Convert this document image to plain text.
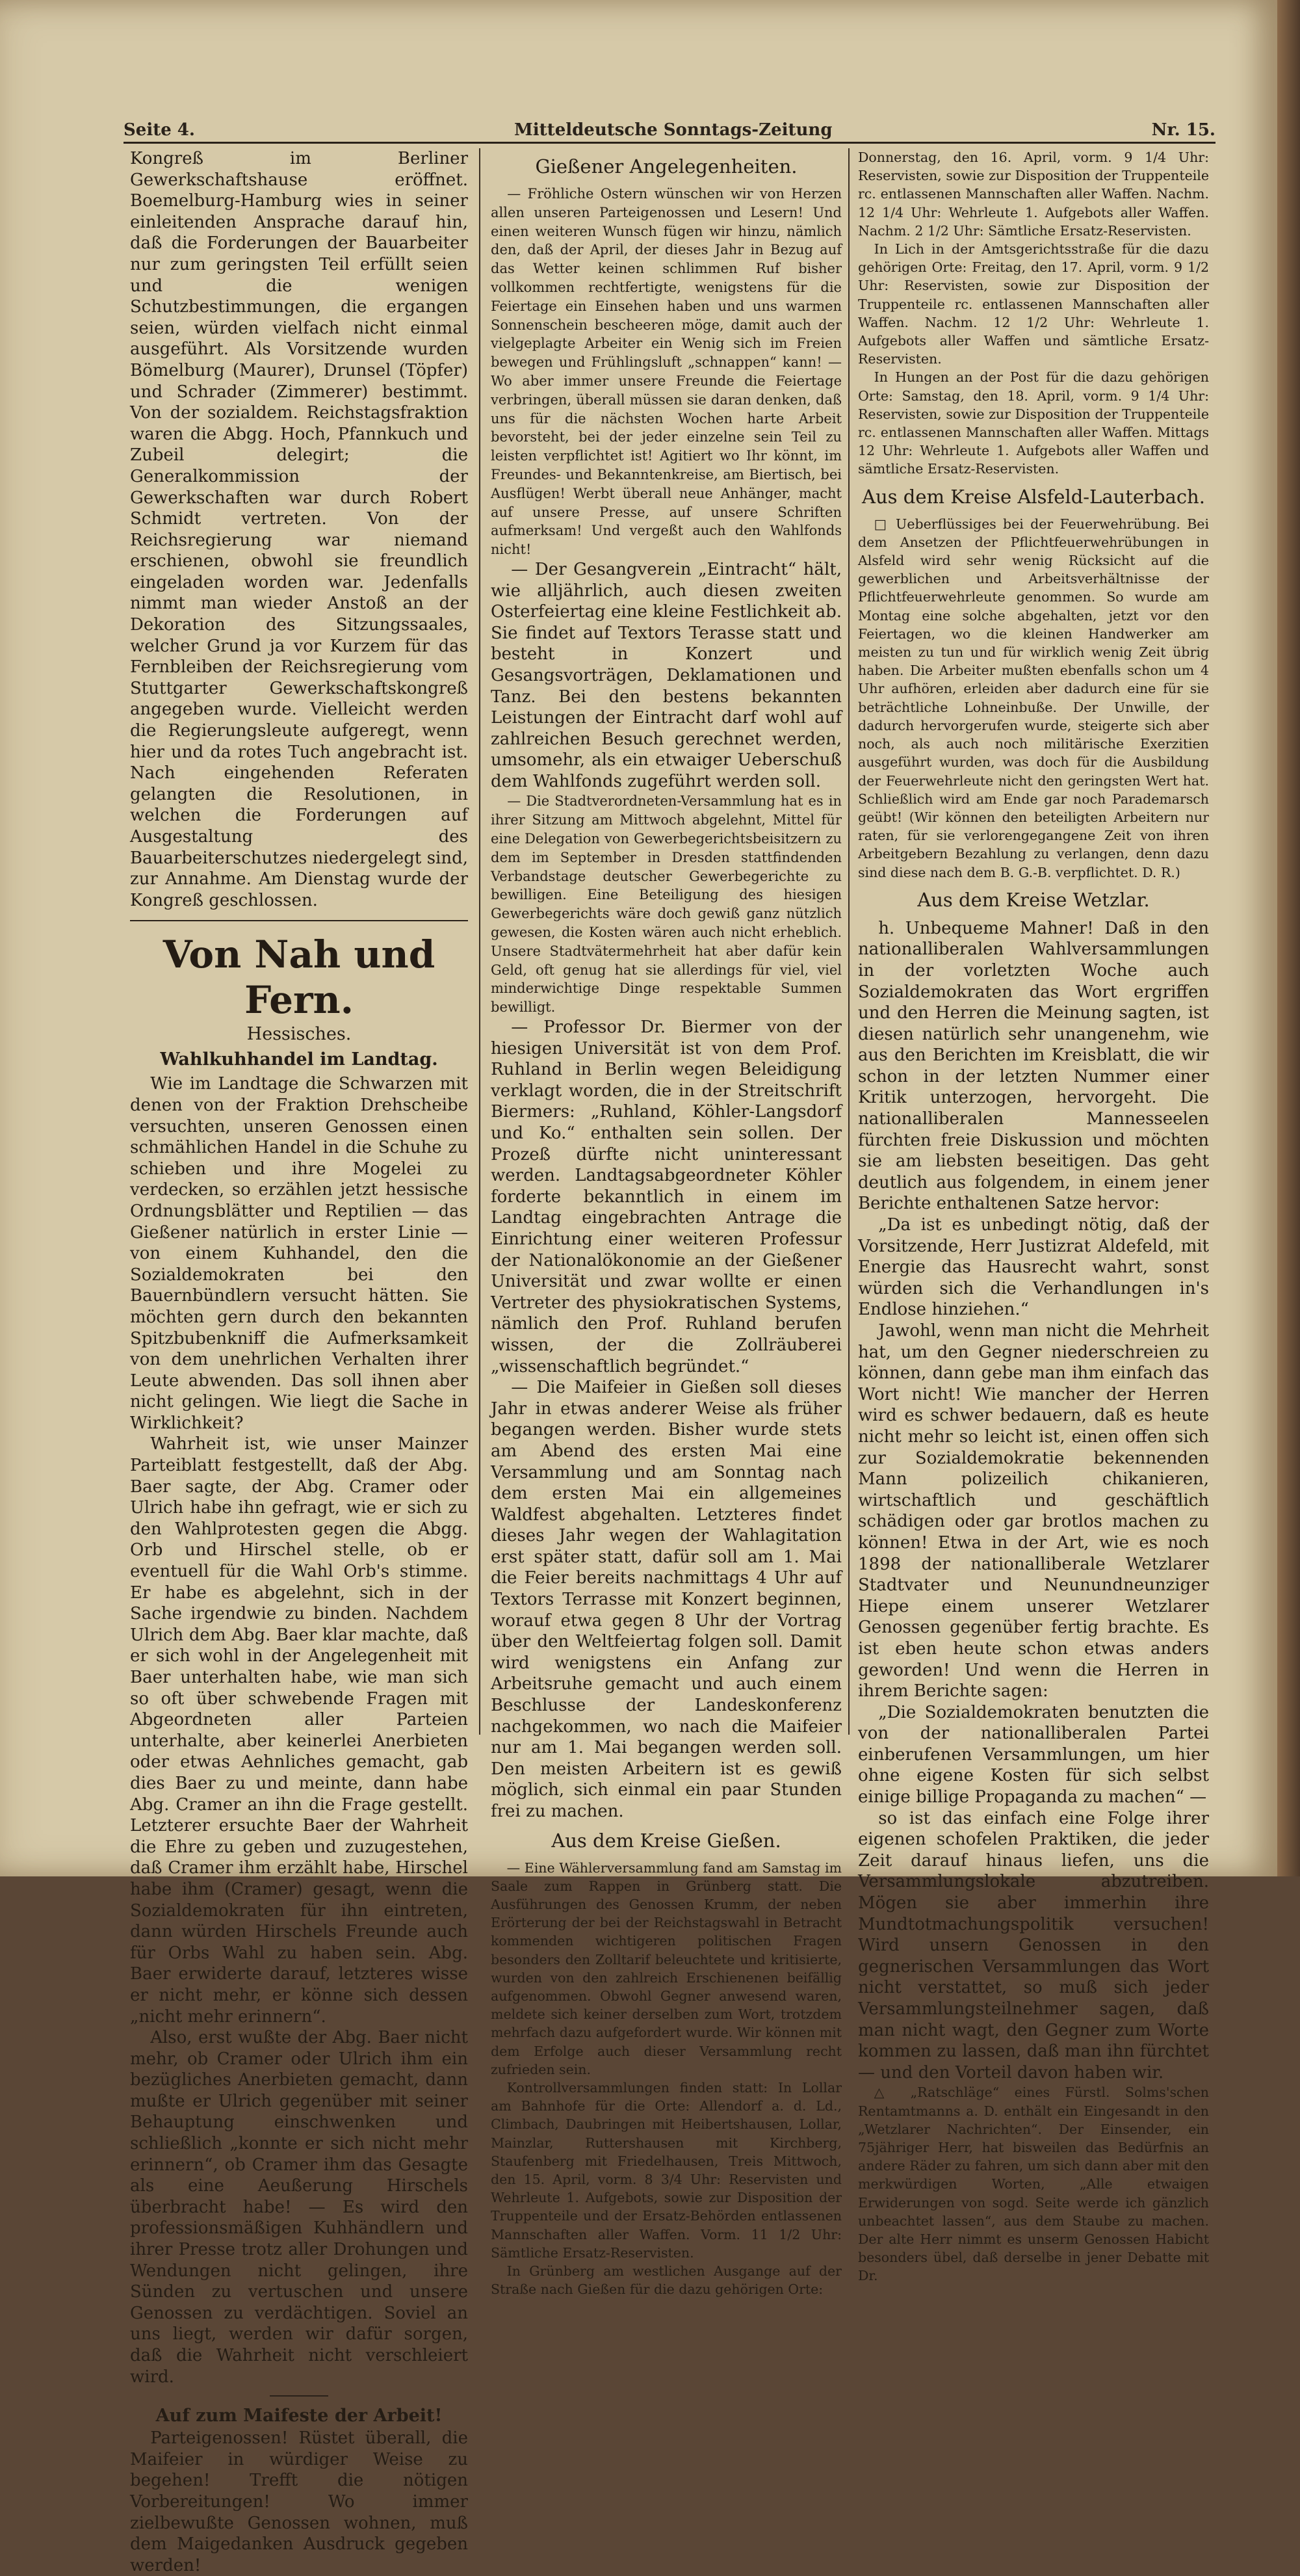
Seite 4.	Mitteldeutsche Sonntags-Zeitung	Nr. 15.

Kongreß im Berliner Gewerkschaftshause eröffnet. Boemelburg-Hamburg wies in seiner einleitenden Ansprache darauf hin, daß die Forderungen der Bauarbeiter nur zum geringsten Teil erfüllt seien und die wenigen Schutzbestimmungen, die ergangen seien, würden vielfach nicht einmal ausgeführt. Als Vorsitzende wurden Bömelburg (Maurer), Drunsel (Töpfer) und Schrader (Zimmerer) bestimmt. Von der sozialdem. Reichstagsfraktion waren die Abgg. Hoch, Pfannkuch und Zubeil delegirt; die Generalkommission der Gewerkschaften war durch Robert Schmidt vertreten. Von der Reichsregierung war niemand erschienen, obwohl sie freundlich eingeladen worden war. Jedenfalls nimmt man wieder Anstoß an der Dekoration des Sitzungssaales, welcher Grund ja vor Kurzem für das Fernbleiben der Reichsregierung vom Stuttgarter Gewerkschaftskongreß angegeben wurde. Vielleicht werden die Regierungsleute aufgeregt, wenn hier und da rotes Tuch angebracht ist. Nach eingehenden Referaten gelangten die Resolutionen, in welchen die Forderungen auf Ausgestaltung des Bauarbeiterschutzes niedergelegt sind, zur Annahme. Am Dienstag wurde der Kongreß geschlossen.

Von Nah und Fern.
Hessisches.
Wahlkuhhandel im Landtag.

Wie im Landtage die Schwarzen mit denen von der Fraktion Drehscheibe versuchten, unseren Genossen einen schmählichen Handel in die Schuhe zu schieben und ihre Mogelei zu verdecken, so erzählen jetzt hessische Ordnungsblätter und Reptilien — das Gießener natürlich in erster Linie — von einem Kuhhandel, den die Sozialdemokraten bei den Bauernbündlern versucht hätten. Sie möchten gern durch den bekannten Spitzbubenkniff die Aufmerksamkeit von dem unehrlichen Verhalten ihrer Leute abwenden. Das soll ihnen aber nicht gelingen. Wie liegt die Sache in Wirklichkeit?

Wahrheit ist, wie unser Mainzer Parteiblatt festgestellt, daß der Abg. Baer sagte, der Abg. Cramer oder Ulrich habe ihn gefragt, wie er sich zu den Wahlprotesten gegen die Abgg. Orb und Hirschel stelle, ob er eventuell für die Wahl Orb's stimme. Er habe es abgelehnt, sich in der Sache irgendwie zu binden. Nachdem Ulrich dem Abg. Baer klar machte, daß er sich wohl in der Angelegenheit mit Baer unterhalten habe, wie man sich so oft über schwebende Fragen mit Abgeordneten aller Parteien unterhalte, aber keinerlei Anerbieten oder etwas Aehnliches gemacht, gab dies Baer zu und meinte, dann habe Abg. Cramer an ihn die Frage gestellt. Letzterer ersuchte Baer der Wahrheit die Ehre zu geben und zuzugestehen, daß Cramer ihm erzählt habe, Hirschel habe ihm (Cramer) gesagt, wenn die Sozialdemokraten für ihn eintreten, dann würden Hirschels Freunde auch für Orbs Wahl zu haben sein. Abg. Baer erwiderte darauf, letzteres wisse er nicht mehr, er könne sich dessen „nicht mehr erinnern“.

Also, erst wußte der Abg. Baer nicht mehr, ob Cramer oder Ulrich ihm ein bezügliches Anerbieten gemacht, dann mußte er Ulrich gegenüber mit seiner Behauptung einschwenken und schließlich „konnte er sich nicht mehr erinnern“, ob Cramer ihm das Gesagte als eine Aeußerung Hirschels überbracht habe! — Es wird den professionsmäßigen Kuhhändlern und ihrer Presse trotz aller Drohungen und Wendungen nicht gelingen, ihre Sünden zu vertuschen und unsere Genossen zu verdächtigen. Soviel an uns liegt, werden wir dafür sorgen, daß die Wahrheit nicht verschleiert wird.

Auf zum Maifeste der Arbeit!

Parteigenossen! Rüstet überall, die Maifeier in würdiger Weise zu begehen! Trefft die nötigen Vorbereitungen! Wo immer zielbewußte Genossen wohnen, muß dem Maigedanken Ausdruck gegeben werden!

Gießener Angelegenheiten.

— Fröhliche Ostern wünschen wir von Herzen allen unseren Parteigenossen und Lesern! Und einen weiteren Wunsch fügen wir hinzu, nämlich den, daß der April, der dieses Jahr in Bezug auf das Wetter keinen schlimmen Ruf bisher vollkommen rechtfertigte, wenigstens für die Feiertage ein Einsehen haben und uns warmen Sonnenschein bescheeren möge, damit auch der vielgeplagte Arbeiter ein Wenig sich im Freien bewegen und Frühlingsluft „schnappen“ kann! — Wo aber immer unsere Freunde die Feiertage verbringen, überall müssen sie daran denken, daß uns für die nächsten Wochen harte Arbeit bevorsteht, bei der jeder einzelne sein Teil zu leisten verpflichtet ist! Agitiert wo Ihr könnt, im Freundes- und Bekanntenkreise, am Biertisch, bei Ausflügen! Werbt überall neue Anhänger, macht auf unsere Presse, auf unsere Schriften aufmerksam! Und vergeßt auch den Wahlfonds nicht!

— Der Gesangverein „Eintracht“ hält, wie alljährlich, auch diesen zweiten Osterfeiertag eine kleine Festlichkeit ab. Sie findet auf Textors Terasse statt und besteht in Konzert und Gesangsvorträgen, Deklamationen und Tanz. Bei den bestens bekannten Leistungen der Eintracht darf wohl auf zahlreichen Besuch gerechnet werden, umsomehr, als ein etwaiger Ueberschuß dem Wahlfonds zugeführt werden soll.

— Die Stadtverordneten-Versammlung hat es in ihrer Sitzung am Mittwoch abgelehnt, Mittel für eine Delegation von Gewerbegerichtsbeisitzern zu dem im September in Dresden stattfindenden Verbandstage deutscher Gewerbegerichte zu bewilligen. Eine Beteiligung des hiesigen Gewerbegerichts wäre doch gewiß ganz nützlich gewesen, die Kosten wären auch nicht erheblich. Unsere Stadtvätermehrheit hat aber dafür kein Geld, oft genug hat sie allerdings für viel, viel minderwichtige Dinge respektable Summen bewilligt.

— Professor Dr. Biermer von der hiesigen Universität ist von dem Prof. Ruhland in Berlin wegen Beleidigung verklagt worden, die in der Streitschrift Biermers: „Ruhland, Köhler-Langsdorf und Ko.“ enthalten sein sollen. Der Prozeß dürfte nicht uninteressant werden. Landtagsabgeordneter Köhler forderte bekanntlich in einem im Landtag eingebrachten Antrage die Einrichtung einer weiteren Professur der Nationalökonomie an der Gießener Universität und zwar wollte er einen Vertreter des physiokratischen Systems, nämlich den Prof. Ruhland berufen wissen, der die Zollräuberei „wissenschaftlich begründet.“

— Die Maifeier in Gießen soll dieses Jahr in etwas anderer Weise als früher begangen werden. Bisher wurde stets am Abend des ersten Mai eine Versammlung und am Sonntag nach dem ersten Mai ein allgemeines Waldfest abgehalten. Letzteres findet dieses Jahr wegen der Wahlagitation erst später statt, dafür soll am 1. Mai die Feier bereits nachmittags 4 Uhr auf Textors Terrasse mit Konzert beginnen, worauf etwa gegen 8 Uhr der Vortrag über den Weltfeiertag folgen soll. Damit wird wenigstens ein Anfang zur Arbeitsruhe gemacht und auch einem Beschlusse der Landeskonferenz nachgekommen, wo nach die Maifeier nur am 1. Mai begangen werden soll. Den meisten Arbeitern ist es gewiß möglich, sich einmal ein paar Stunden frei zu machen.

Aus dem Kreise Gießen.

— Eine Wählerversammlung fand am Samstag im Saale zum Rappen in Grünberg statt. Die Ausführungen des Genossen Krumm, der neben Erörterung der bei der Reichstagswahl in Betracht kommenden wichtigeren politischen Fragen besonders den Zolltarif beleuchtete und kritisierte, wurden von den zahlreich Erschienenen beifällig aufgenommen. Obwohl Gegner anwesend waren, meldete sich keiner derselben zum Wort, trotzdem mehrfach dazu aufgefordert wurde. Wir können mit dem Erfolge auch dieser Versammlung recht zufrieden sein.

Kontrollversammlungen finden statt: In Lollar am Bahnhofe für die Orte: Allendorf a. d. Ld., Climbach, Daubringen mit Heibertshausen, Lollar, Mainzlar, Ruttershausen mit Kirchberg, Staufenberg mit Friedelhausen, Treis Mittwoch, den 15. April, vorm. 8 3/4 Uhr: Reservisten und Wehrleute 1. Aufgebots, sowie zur Disposition der Truppenteile und der Ersatz-Behörden entlassenen Mannschaften aller Waffen. Vorm. 11 1/2 Uhr: Sämtliche Ersatz-Reservisten.

In Grünberg am westlichen Ausgange auf der Straße nach Gießen für die dazu gehörigen Orte:

Donnerstag, den 16. April, vorm. 9 1/4 Uhr: Reservisten, sowie zur Disposition der Truppenteile rc. entlassenen Mannschaften aller Waffen. Nachm. 12 1/4 Uhr: Wehrleute 1. Aufgebots aller Waffen. Nachm. 2 1/2 Uhr: Sämtliche Ersatz-Reservisten.

In Lich in der Amtsgerichtsstraße für die dazu gehörigen Orte: Freitag, den 17. April, vorm. 9 1/2 Uhr: Reservisten, sowie zur Disposition der Truppenteile rc. entlassenen Mannschaften aller Waffen. Nachm. 12 1/2 Uhr: Wehrleute 1. Aufgebots aller Waffen und sämtliche Ersatz-Reservisten.

In Hungen an der Post für die dazu gehörigen Orte: Samstag, den 18. April, vorm. 9 1/4 Uhr: Reservisten, sowie zur Disposition der Truppenteile rc. entlassenen Mannschaften aller Waffen. Mittags 12 Uhr: Wehrleute 1. Aufgebots aller Waffen und sämtliche Ersatz-Reservisten.

Aus dem Kreise Alsfeld-Lauterbach.

□ Ueberflüssiges bei der Feuerwehrübung. Bei dem Ansetzen der Pflichtfeuerwehrübungen in Alsfeld wird sehr wenig Rücksicht auf die gewerblichen und Arbeitsverhältnisse der Pflichtfeuerwehrleute genommen. So wurde am Montag eine solche abgehalten, jetzt vor den Feiertagen, wo die kleinen Handwerker am meisten zu tun und für wirklich wenig Zeit übrig haben. Die Arbeiter mußten ebenfalls schon um 4 Uhr aufhören, erleiden aber dadurch eine für sie beträchtliche Lohneinbuße. Der Unwille, der dadurch hervorgerufen wurde, steigerte sich aber noch, als auch noch militärische Exerzitien ausgeführt wurden, was doch für die Ausbildung der Feuerwehrleute nicht den geringsten Wert hat. Schließlich wird am Ende gar noch Parademarsch geübt! (Wir können den beteiligten Arbeitern nur raten, für sie verlorengegangene Zeit von ihren Arbeitgebern Bezahlung zu verlangen, denn dazu sind diese nach dem B. G.-B. verpflichtet. D. R.)

Aus dem Kreise Wetzlar.

h. Unbequeme Mahner! Daß in den nationalliberalen Wahlversammlungen in der vorletzten Woche auch Sozialdemokraten das Wort ergriffen und den Herren die Meinung sagten, ist diesen natürlich sehr unangenehm, wie aus den Berichten im Kreisblatt, die wir schon in der letzten Nummer einer Kritik unterzogen, hervorgeht. Die nationalliberalen Mannesseelen fürchten freie Diskussion und möchten sie am liebsten beseitigen. Das geht deutlich aus folgendem, in einem jener Berichte enthaltenen Satze hervor:

„Da ist es unbedingt nötig, daß der Vorsitzende, Herr Justizrat Aldefeld, mit Energie das Hausrecht wahrt, sonst würden sich die Verhandlungen in's Endlose hinziehen.“

Jawohl, wenn man nicht die Mehrheit hat, um den Gegner niederschreien zu können, dann gebe man ihm einfach das Wort nicht! Wie mancher der Herren wird es schwer bedauern, daß es heute nicht mehr so leicht ist, einen offen sich zur Sozialdemokratie bekennenden Mann polizeilich chikanieren, wirtschaftlich und geschäftlich schädigen oder gar brotlos machen zu können! Etwa in der Art, wie es noch 1898 der nationalliberale Wetzlarer Stadtvater und Neunundneunziger Hiepe einem unserer Wetzlarer Genossen gegenüber fertig brachte. Es ist eben heute schon etwas anders geworden! Und wenn die Herren in ihrem Berichte sagen:

„Die Sozialdemokraten benutzten die von der nationalliberalen Partei einberufenen Versammlungen, um hier ohne eigene Kosten für sich selbst einige billige Propaganda zu machen“ —

so ist das einfach eine Folge ihrer eigenen schofelen Praktiken, die jeder Zeit darauf hinaus liefen, uns die Versammlungslokale abzutreiben. Mögen sie aber immerhin ihre Mundtotmachungspolitik versuchen! Wird unsern Genossen in den gegnerischen Versammlungen das Wort nicht verstattet, so muß sich jeder Versammlungsteilnehmer sagen, daß man nicht wagt, den Gegner zum Worte kommen zu lassen, daß man ihn fürchtet — und den Vorteil davon haben wir.

△ „Ratschläge“ eines Fürstl. Solms'schen Rentamtmanns a. D. enthält ein Eingesandt in den „Wetzlarer Nachrichten“. Der Einsender, ein 75jähriger Herr, hat bisweilen das Bedürfnis an andere Räder zu fahren, um sich dann aber mit den merkwürdigen Worten, „Alle etwaigen Erwiderungen von sogd. Seite werde ich gänzlich unbeachtet lassen“, aus dem Staube zu machen. Der alte Herr nimmt es unserm Genossen Habicht besonders übel, daß derselbe in jener Debatte mit Dr.
